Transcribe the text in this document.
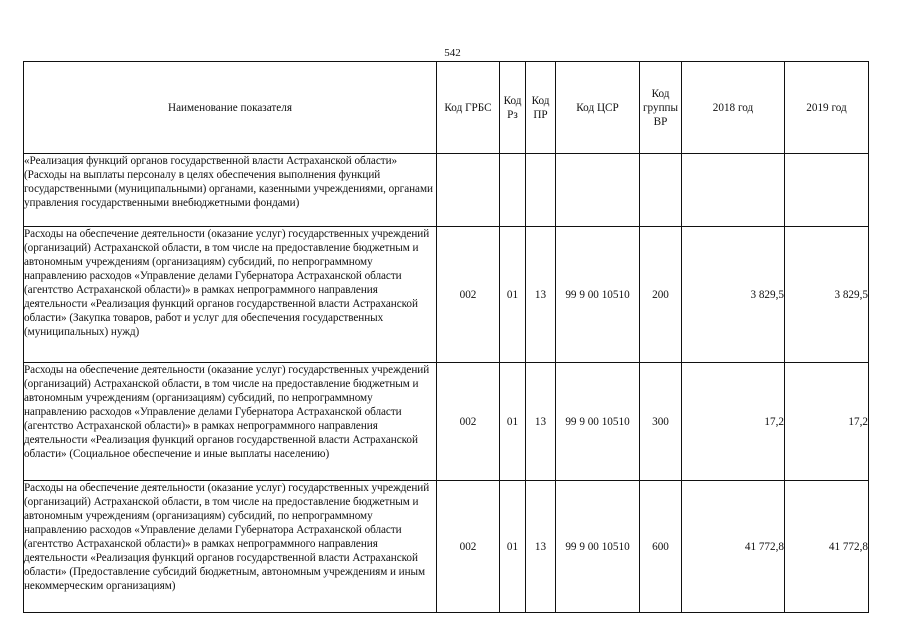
542
Наименование показателя	Код ГРБС	Код Рз	Код ПР	Код ЦСР	Код группы ВР	2018 год	2019 год
«Реализация функций органов государственной власти Астраханской области» (Расходы на выплаты персоналу в целях обеспечения выполнения функций государственными (муниципальными) органами, казенными учреждениями, органами управления государственными внебюджетными фондами)							
Расходы на обеспечение деятельности (оказание услуг) государственных учреждений (организаций) Астраханской области, в том числе на предоставление бюджетным и автономным учреждениям (организациям) субсидий, по непрограммному направлению расходов «Управление делами Губернатора Астраханской области (агентство Астраханской области)» в рамках непрограммного направления деятельности «Реализация функций органов государственной власти Астраханской области» (Закупка товаров, работ и услуг для обеспечения государственных (муниципальных) нужд)	002	01	13	99 9 00 10510	200	3 829,5	3 829,5
Расходы на обеспечение деятельности (оказание услуг) государственных учреждений (организаций) Астраханской области, в том числе на предоставление бюджетным и автономным учреждениям (организациям) субсидий, по непрограммному направлению расходов «Управление делами Губернатора Астраханской области (агентство Астраханской области)» в рамках непрограммного направления деятельности «Реализация функций органов государственной власти Астраханской области» (Социальное обеспечение и иные выплаты населению)	002	01	13	99 9 00 10510	300	17,2	17,2
Расходы на обеспечение деятельности (оказание услуг) государственных учреждений (организаций) Астраханской области, в том числе на предоставление бюджетным и автономным учреждениям (организациям) субсидий, по непрограммному направлению расходов «Управление делами Губернатора Астраханской области (агентство Астраханской области)» в рамках непрограммного направления деятельности «Реализация функций органов государственной власти Астраханской области» (Предоставление субсидий бюджетным, автономным учреждениям и иным некоммерческим организациям)	002	01	13	99 9 00 10510	600	41 772,8	41 772,8
